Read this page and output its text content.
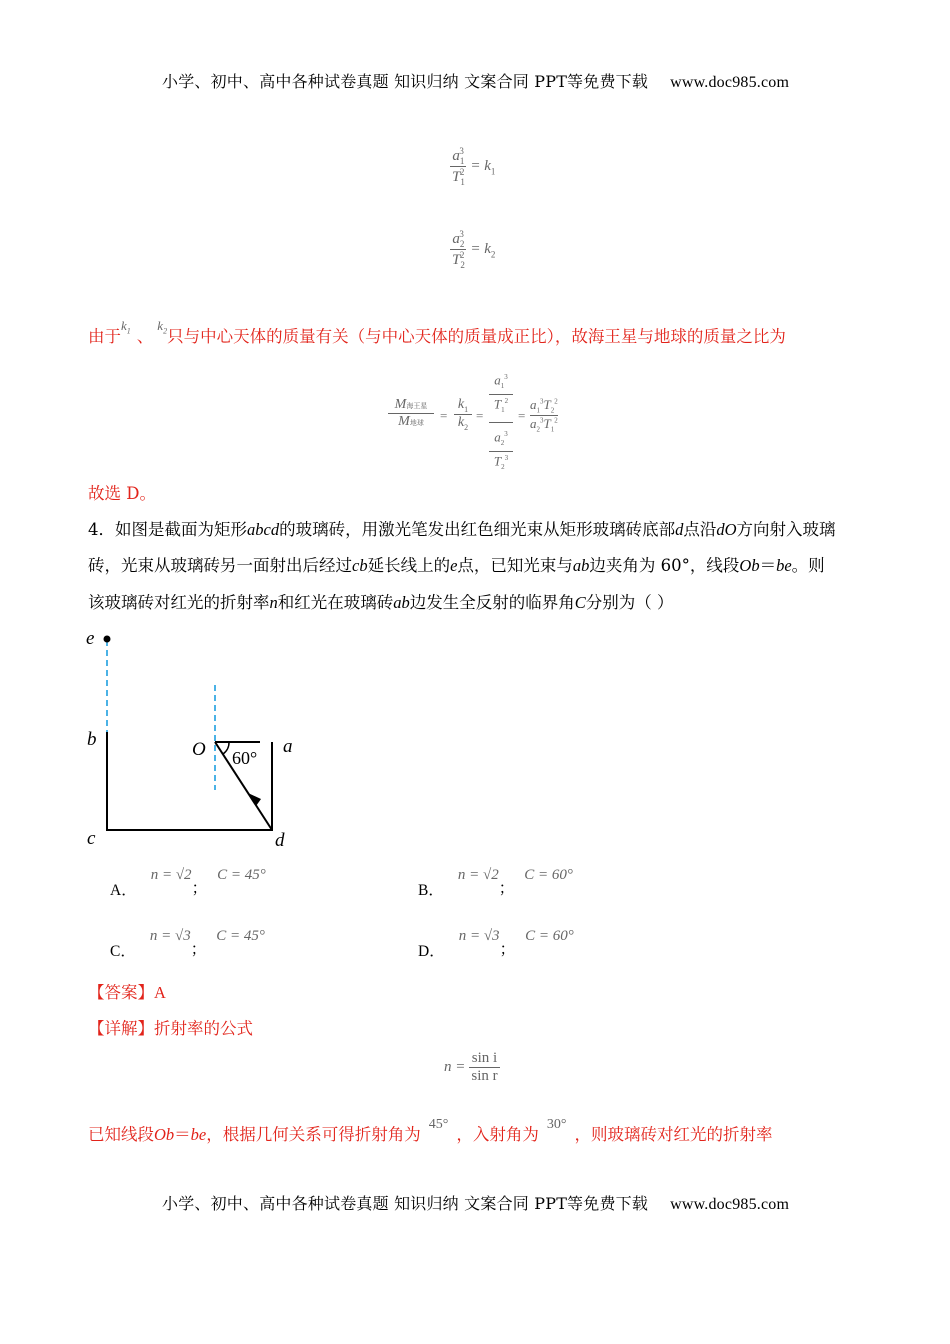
小学、初中、高中各种试卷真题 知识归纳 文案合同 PPT等免费下载 www.doc985.com
$\frac{a_1^3}{T_1^2} = k_1$
$\frac{a_2^3}{T_2^2} = k_2$
由于$^{k_1}$ 、$^{k_2}$只与中心天体的质量有关（与中心天体的质量成正比），故海王星与地球的质量之比为
M海王星
M地球	=
$k_1$
$k_2$
=
$a_1^3$
$T_1^2$
$a_2^3$
$T_2^3$
=
$a_1^3T_2^2$
$a_2^3T_1^2$
故选 D。
4．如图是截面为矩形abcd的玻璃砖，用激光笔发出红色细光束从矩形玻璃砖底部d点沿dO方向射入玻璃
砖，光束从玻璃砖另一面射出后经过cb延长线上的e点，已知光束与ab边夹角为 60°，线段Ob＝be。则
该玻璃砖对红光的折射率n和红光在玻璃砖ab边发生全反射的临界角C分别为（ ）
e
b
c	d
O	a
60°
A．n = √2；C = 45°
B．n = √2；C = 60°
C．n = √3；C = 45°
D．n = √3；C = 60°
【答案】A
【详解】折射率的公式
$n = \frac{\text{sin i}}{\text{sin r}}$
已知线段Ob＝be，根据几何关系可得折射角为$^{45^\circ}$，入射角为$^{30^\circ}$，则玻璃砖对红光的折射率
小学、初中、高中各种试卷真题 知识归纳 文案合同 PPT等免费下载 www.doc985.com
